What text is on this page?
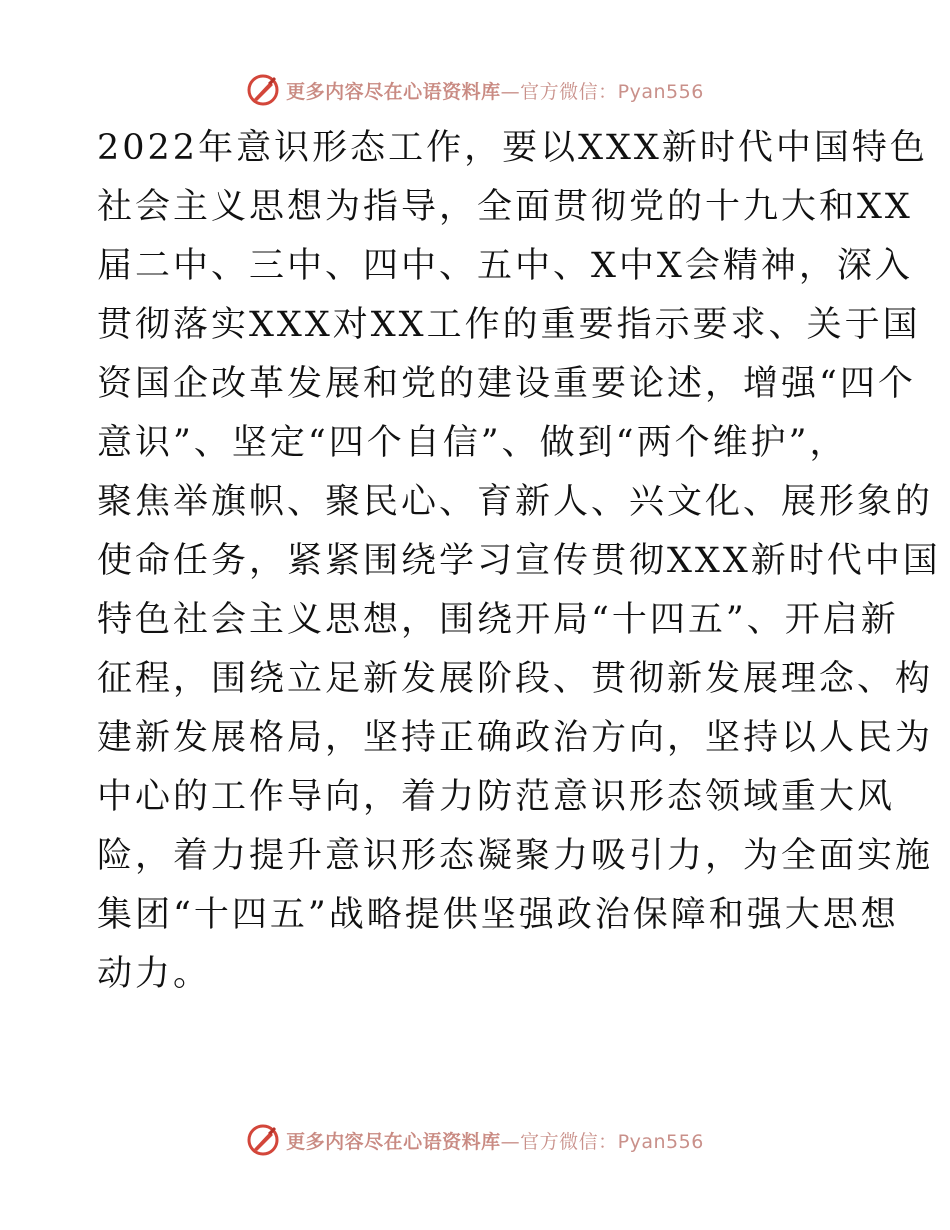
更多内容尽在心语资料库—官方微信：Pyan556
2022年意识形态工作，要以XXX新时代中国特色
社会主义思想为指导，全面贯彻党的十九大和XX
届二中、三中、四中、五中、X中X会精神，深入
贯彻落实XXX对XX工作的重要指示要求、关于国
资国企改革发展和党的建设重要论述，增强“四个
意识”、坚定“四个自信”、做到“两个维护”，
聚焦举旗帜、聚民心、育新人、兴文化、展形象的
使命任务，紧紧围绕学习宣传贯彻XXX新时代中国
特色社会主义思想，围绕开局“十四五”、开启新
征程，围绕立足新发展阶段、贯彻新发展理念、构
建新发展格局，坚持正确政治方向，坚持以人民为
中心的工作导向，着力防范意识形态领域重大风
险，着力提升意识形态凝聚力吸引力，为全面实施
集团“十四五”战略提供坚强政治保障和强大思想
动力。
更多内容尽在心语资料库—官方微信：Pyan556
